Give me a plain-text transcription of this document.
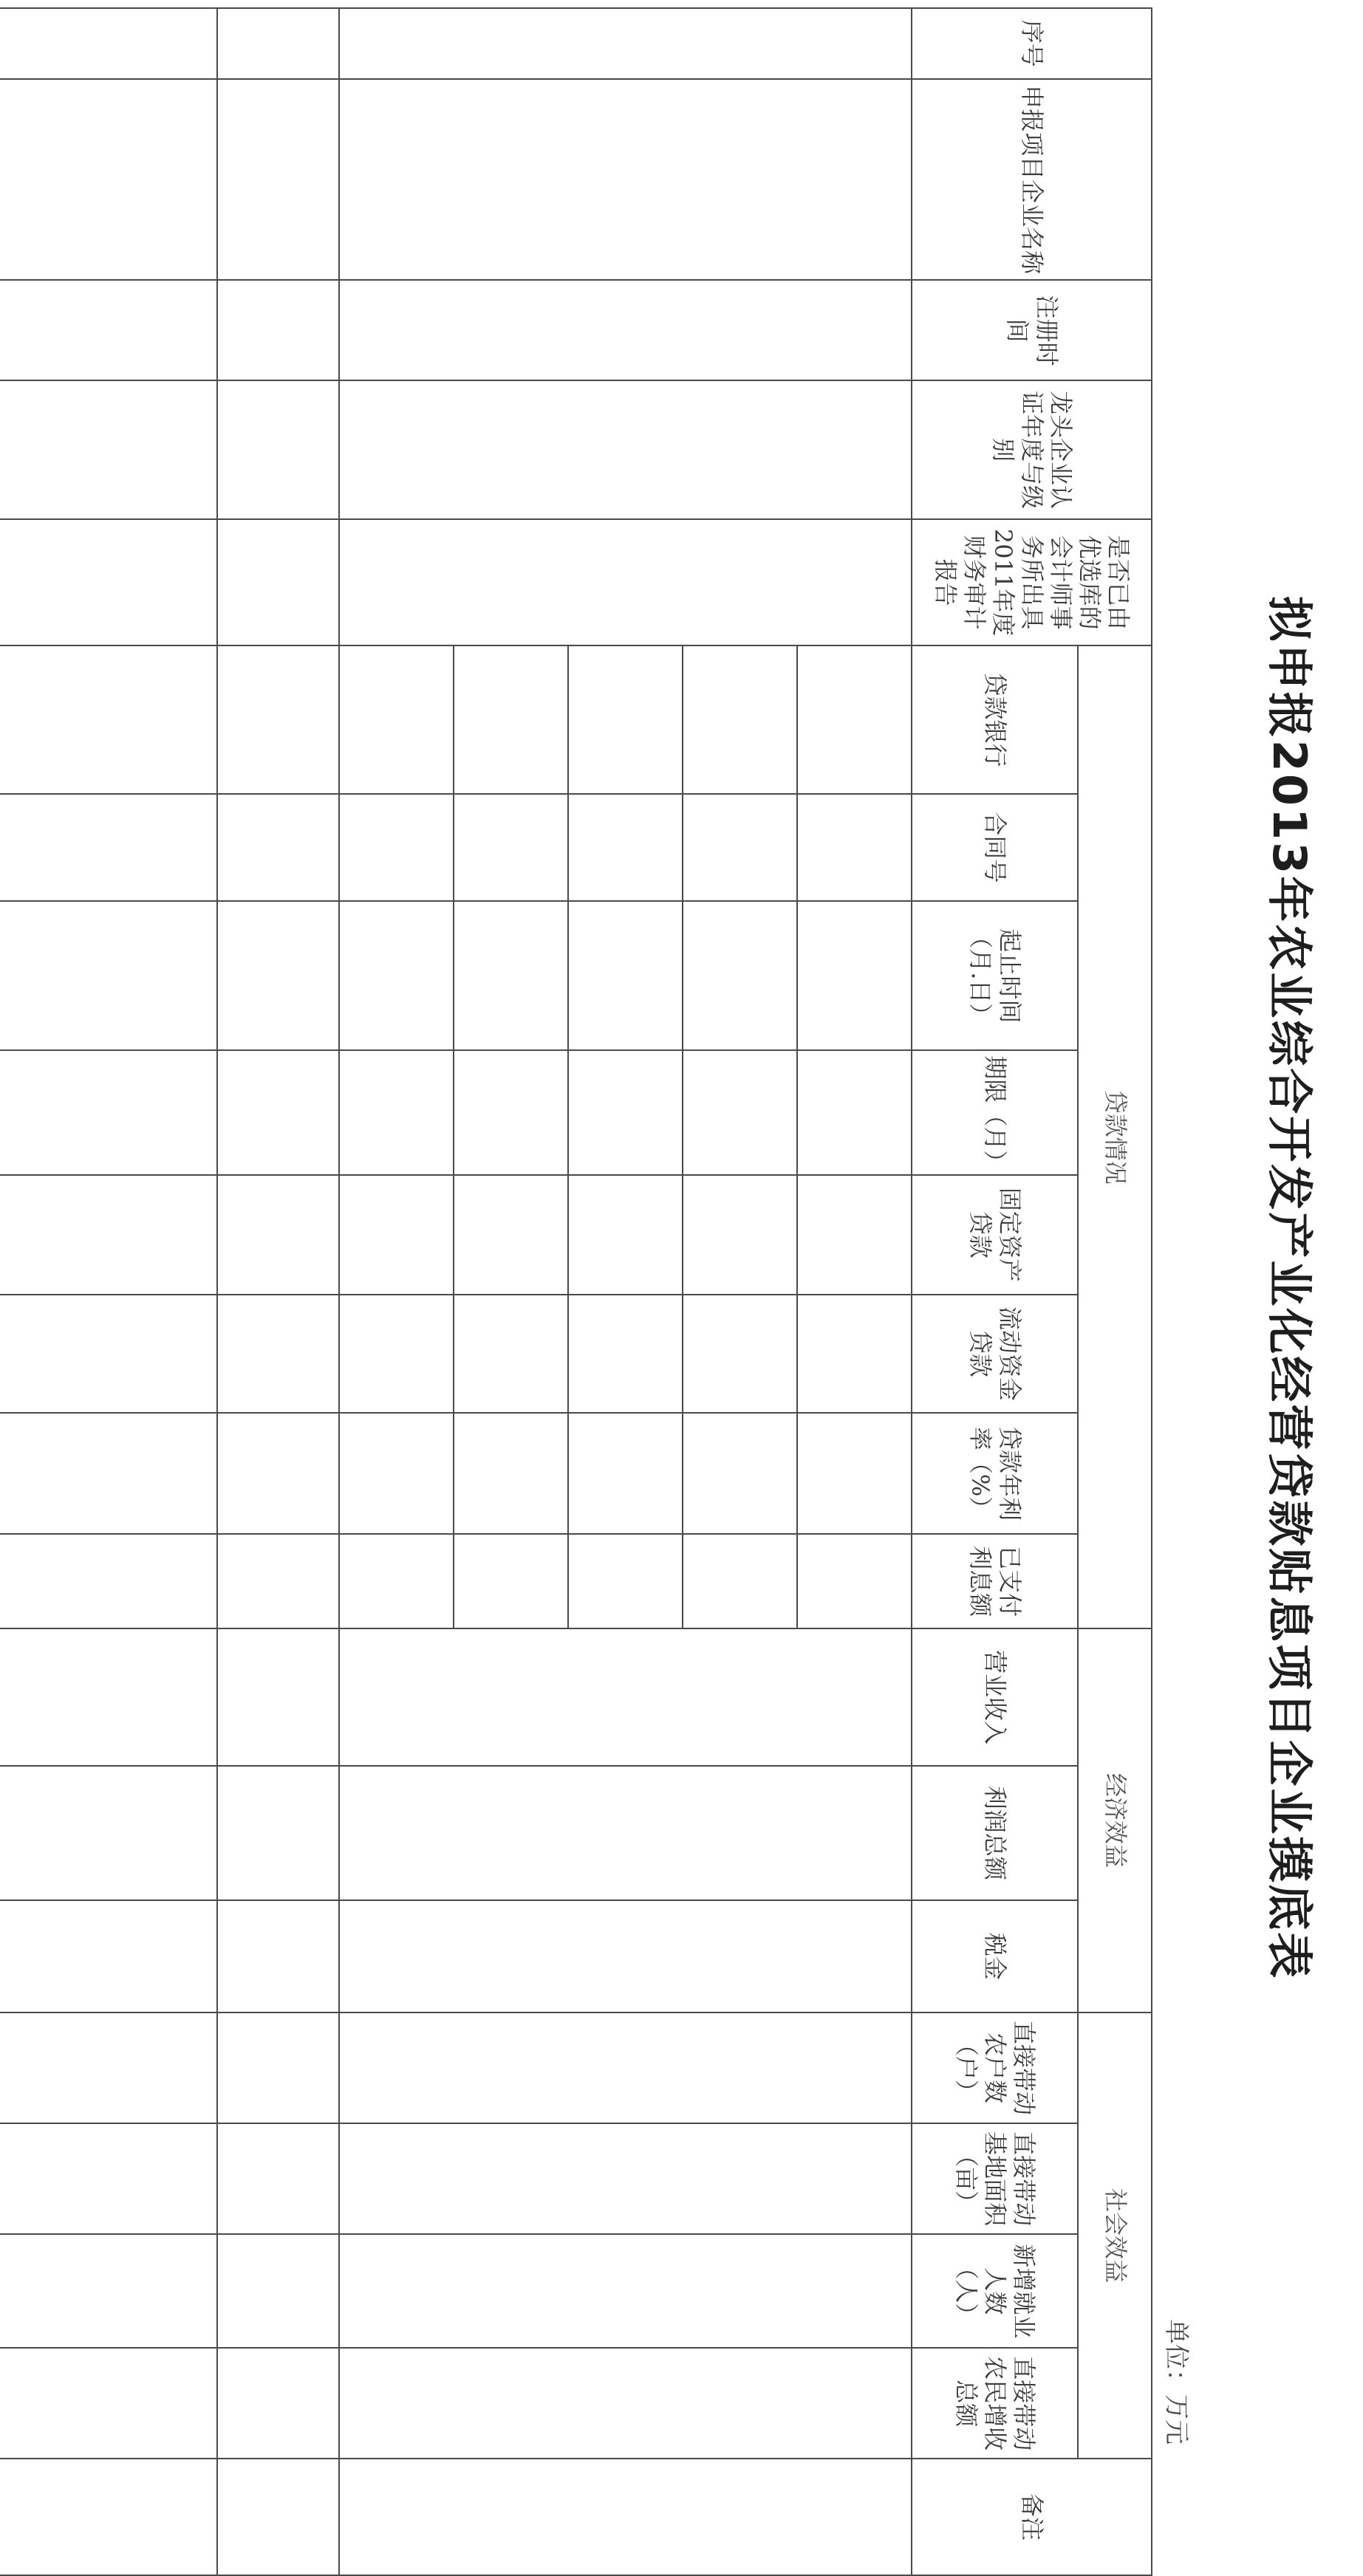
拟申报2013年农业综合开发产业化经营贷款贴息项目企业摸底表
单位：万元
序号	申报项目企业名称	注册时间	龙头企业认证年度与级别	是否已由优选库的会计师事务所出具2011年度财务审计报告	贷款情况								经济效益			社会效益				备注
					贷款银行	合同号	起止时间（月.日）	期限（月）	固定资产贷款	流动资金贷款	贷款年利率（%）	已支付利息额	营业收入	利润总额	税金	直接带动农户数（户）	直接带动基地面积（亩）	新增就业人数（人）	直接带动农民增收总额	
